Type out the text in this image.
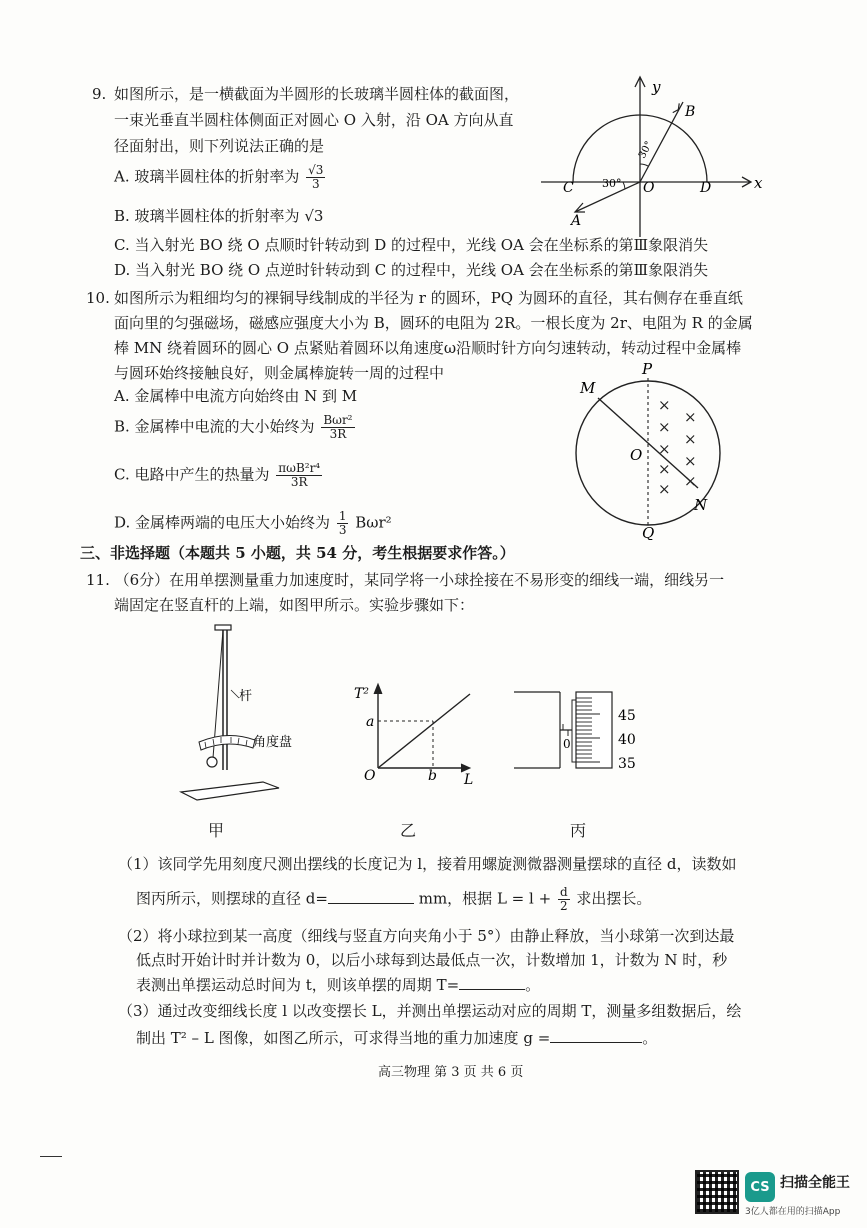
9. 如图所示，是一横截面为半圆形的长玻璃半圆柱体的截面图，
一束光垂直半圆柱体侧面正对圆心 O 入射，沿 OA 方向从直
径面射出，则下列说法正确的是
A. 玻璃半圆柱体的折射率为 $\frac{√3}{3}$
B. 玻璃半圆柱体的折射率为 √3
C. 当入射光 BO 绕 O 点顺时针转动到 D 的过程中，光线 OA 会在坐标系的第Ⅲ象限消失
D. 当入射光 BO 绕 O 点逆时针转动到 C 的过程中，光线 OA 会在坐标系的第Ⅲ象限消失
y
x
B
C	O	D
A
30°
30°
10. 如图所示为粗细均匀的裸铜导线制成的半径为 r 的圆环，PQ 为圆环的直径，其右侧存在垂直纸
面向里的匀强磁场，磁感应强度大小为 B，圆环的电阻为 2R。一根长度为 2r、电阻为 R 的金属
棒 MN 绕着圆环的圆心 O 点紧贴着圆环以角速度ω沿顺时针方向匀速转动，转动过程中金属棒
与圆环始终接触良好，则金属棒旋转一周的过程中
A. 金属棒中电流方向始终由 N 到 M
B. 金属棒中电流的大小始终为 $\frac{\text{Bωr²}}{3R}$
C. 电路中产生的热量为 $\frac{\text{πωB²r⁴}}{3R}$
D. 金属棒两端的电压大小始终为 $\frac{1}{3} B\omega r^2$
×
×
×
×
×
×
×
×
×
M
P
O
N
Q
三、非选择题（本题共 5 小题，共 54 分，考生根据要求作答。）
11. （6分）在用单摆测量重力加速度时，某同学将一小球拴接在不易形变的细线一端，细线另一
端固定在竖直杆的上端，如图甲所示。实验步骤如下：
杆
角度盘
甲
T²
a
O	b L
乙
45
40
35
0
丙
（1）该同学先用刻度尺测出摆线的长度记为 l，接着用螺旋测微器测量摆球的直径 d，读数如
图丙所示，则摆球的直径 d=	mm，根据 $L = l + \frac{d}{2}$ 求出摆长。
（2）将小球拉到某一高度（细线与竖直方向夹角小于 5°）由静止释放，当小球第一次到达最
低点时开始计时并计数为 0，以后小球每到达最低点一次，计数增加 1，计数为 N 时，秒
表测出单摆运动总时间为 t，则该单摆的周期 T=	。
（3）通过改变细线长度 l 以改变摆长 L，并测出单摆运动对应的周期 T，测量多组数据后，绘
制出 T² – L 图像，如图乙所示，可求得当地的重力加速度 g =	。
高三物理 第 3 页 共 6 页
CS 扫描全能王
3亿人都在用的扫描App
